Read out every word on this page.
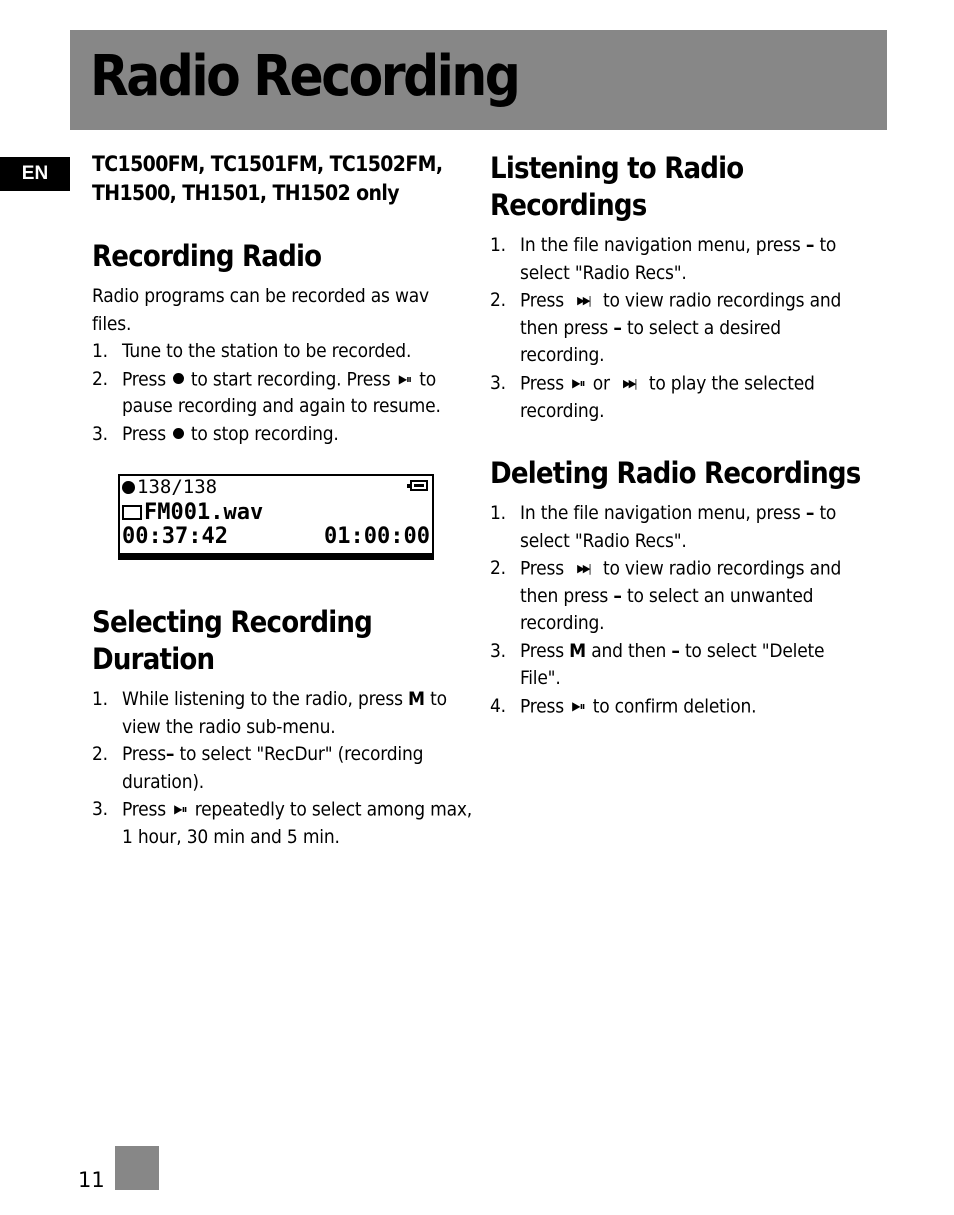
Radio Recording
EN	TC1500FM, TC1501FM, TC1502FM, TH1500, TH1501, TH1502 only
Recording Radio

Radio programs can be recorded as wav files.

1. Tune to the station to be recorded.
2. Press to start recording. Press ▶⏸ to pause recording and again to resume.
3. Press to stop recording.
138/138
FM001.wav
00:37:42	01:00:00
Selecting Recording Duration
1. While listening to the radio, press M to view the radio sub-menu.
2. Press– to select "RecDur" (recording duration).
3. Press ▶⏸ repeatedly to select among max, 1 hour, 30 min and 5 min.
Listening to Radio Recordings
1. In the file navigation menu, press – to select "Radio Recs".
2. Press ▶▶| to view radio recordings and then press – to select a desired recording.
3. Press ▶⏸ or ▶▶| to play the selected recording.
Deleting Radio Recordings
1. In the file navigation menu, press – to select "Radio Recs".
2. Press ▶▶| to view radio recordings and then press – to select an unwanted recording.
3. Press M and then – to select "Delete File".
4. Press ▶⏸ to confirm deletion.
11
